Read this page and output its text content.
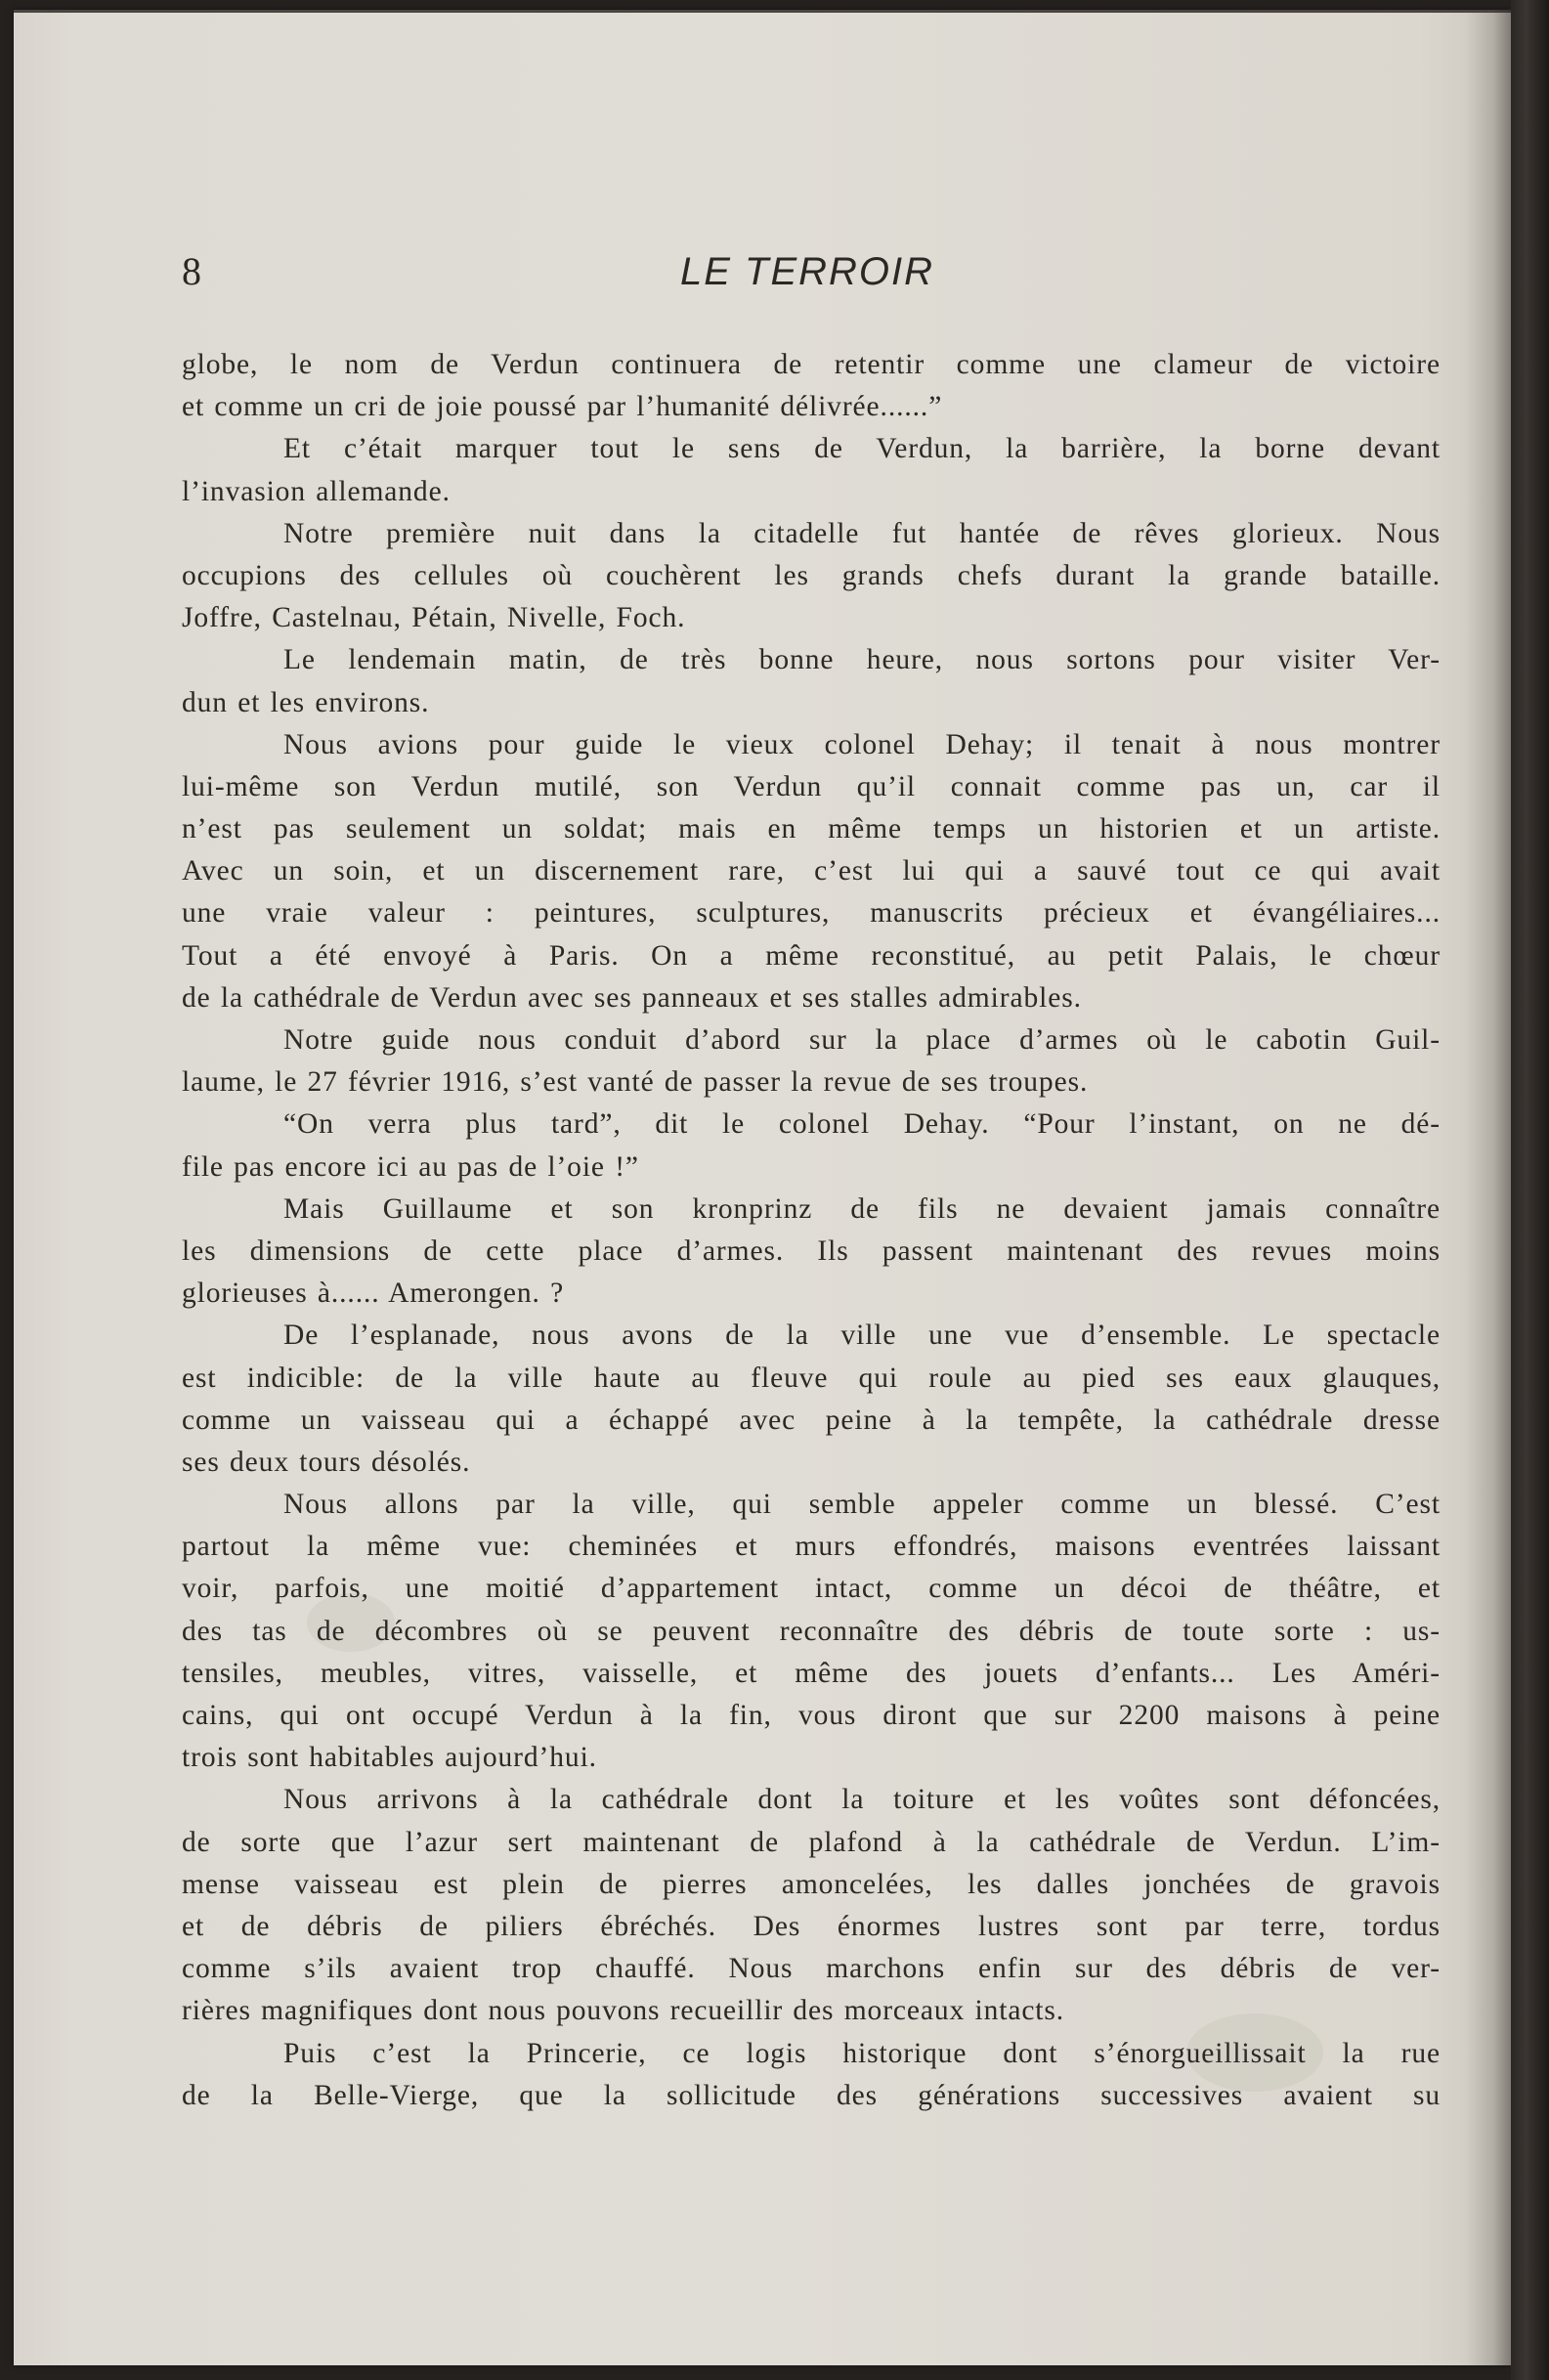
8	LE TERROIR
globe, le nom de Verdun continuera de retentir comme une clameur de victoire
et comme un cri de joie poussé par l’humanité délivrée......”
Et c’était marquer tout le sens de Verdun, la barrière, la borne devant
l’invasion allemande.
Notre première nuit dans la citadelle fut hantée de rêves glorieux. Nous
occupions des cellules où couchèrent les grands chefs durant la grande bataille.
Joffre, Castelnau, Pétain, Nivelle, Foch.
Le lendemain matin, de très bonne heure, nous sortons pour visiter Ver-
dun et les environs.
Nous avions pour guide le vieux colonel Dehay; il tenait à nous montrer
lui-même son Verdun mutilé, son Verdun qu’il connait comme pas un, car il
n’est pas seulement un soldat; mais en même temps un historien et un artiste.
Avec un soin, et un discernement rare, c’est lui qui a sauvé tout ce qui avait
une vraie valeur : peintures, sculptures, manuscrits précieux et évangéliaires...
Tout a été envoyé à Paris. On a même reconstitué, au petit Palais, le chœur
de la cathédrale de Verdun avec ses panneaux et ses stalles admirables.
Notre guide nous conduit d’abord sur la place d’armes où le cabotin Guil-
laume, le 27 février 1916, s’est vanté de passer la revue de ses troupes.
“On verra plus tard”, dit le colonel Dehay. “Pour l’instant, on ne dé-
file pas encore ici au pas de l’oie !”
Mais Guillaume et son kronprinz de fils ne devaient jamais connaître
les dimensions de cette place d’armes. Ils passent maintenant des revues moins
glorieuses à...... Amerongen. ?
De l’esplanade, nous avons de la ville une vue d’ensemble. Le spectacle
est indicible: de la ville haute au fleuve qui roule au pied ses eaux glauques,
comme un vaisseau qui a échappé avec peine à la tempête, la cathédrale dresse
ses deux tours désolés.
Nous allons par la ville, qui semble appeler comme un blessé. C’est
partout la même vue: cheminées et murs effondrés, maisons eventrées laissant
voir, parfois, une moitié d’appartement intact, comme un décoi de théâtre, et
des tas de décombres où se peuvent reconnaître des débris de toute sorte : us-
tensiles, meubles, vitres, vaisselle, et même des jouets d’enfants... Les Améri-
cains, qui ont occupé Verdun à la fin, vous diront que sur 2200 maisons à peine
trois sont habitables aujourd’hui.
Nous arrivons à la cathédrale dont la toiture et les voûtes sont défoncées,
de sorte que l’azur sert maintenant de plafond à la cathédrale de Verdun. L’im-
mense vaisseau est plein de pierres amoncelées, les dalles jonchées de gravois
et de débris de piliers ébréchés. Des énormes lustres sont par terre, tordus
comme s’ils avaient trop chauffé. Nous marchons enfin sur des débris de ver-
rières magnifiques dont nous pouvons recueillir des morceaux intacts.
Puis c’est la Princerie, ce logis historique dont s’énorgueillissait la rue
de la Belle-Vierge, que la sollicitude des générations successives avaient su
